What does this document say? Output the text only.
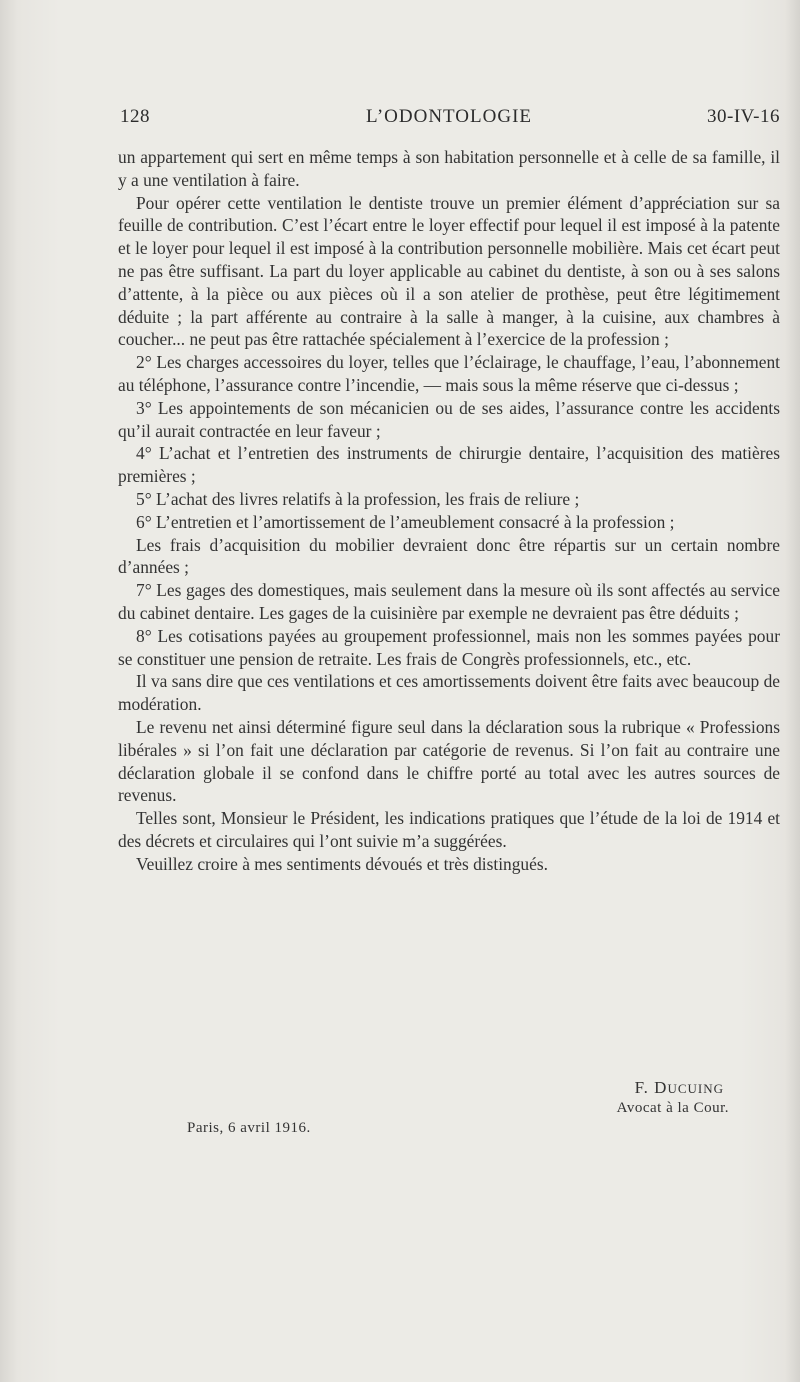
128	L’ODONTOLOGIE	30-IV-16

un appartement qui sert en même temps à son habitation personnelle et à celle de sa famille, il y a une ventilation à faire.

Pour opérer cette ventilation le dentiste trouve un premier élément d’appréciation sur sa feuille de contribution. C’est l’écart entre le loyer effectif pour lequel il est imposé à la patente et le loyer pour lequel il est imposé à la contribution personnelle mobilière. Mais cet écart peut ne pas être suffisant. La part du loyer applicable au cabinet du dentiste, à son ou à ses salons d’attente, à la pièce ou aux pièces où il a son atelier de prothèse, peut être légitimement déduite ; la part afférente au contraire à la salle à manger, à la cuisine, aux chambres à coucher... ne peut pas être rattachée spécialement à l’exercice de la profession ;

2° Les charges accessoires du loyer, telles que l’éclairage, le chauffage, l’eau, l’abonnement au téléphone, l’assurance contre l’incendie, — mais sous la même réserve que ci-dessus ;

3° Les appointements de son mécanicien ou de ses aides, l’assurance contre les accidents qu’il aurait contractée en leur faveur ;

4° L’achat et l’entretien des instruments de chirurgie dentaire, l’acquisition des matières premières ;

5° L’achat des livres relatifs à la profession, les frais de reliure ;

6° L’entretien et l’amortissement de l’ameublement consacré à la profession ;

Les frais d’acquisition du mobilier devraient donc être répartis sur un certain nombre d’années ;

7° Les gages des domestiques, mais seulement dans la mesure où ils sont affectés au service du cabinet dentaire. Les gages de la cuisinière par exemple ne devraient pas être déduits ;

8° Les cotisations payées au groupement professionnel, mais non les sommes payées pour se constituer une pension de retraite. Les frais de Congrès professionnels, etc., etc.

Il va sans dire que ces ventilations et ces amortissements doivent être faits avec beaucoup de modération.

Le revenu net ainsi déterminé figure seul dans la déclaration sous la rubrique « Professions libérales » si l’on fait une déclaration par catégorie de revenus. Si l’on fait au contraire une déclaration globale il se confond dans le chiffre porté au total avec les autres sources de revenus.

Telles sont, Monsieur le Président, les indications pratiques que l’étude de la loi de 1914 et des décrets et circulaires qui l’ont suivie m’a suggérées.

Veuillez croire à mes sentiments dévoués et très distingués.

F. DUCUING
Avocat à la Cour.
Paris, 6 avril 1916.
